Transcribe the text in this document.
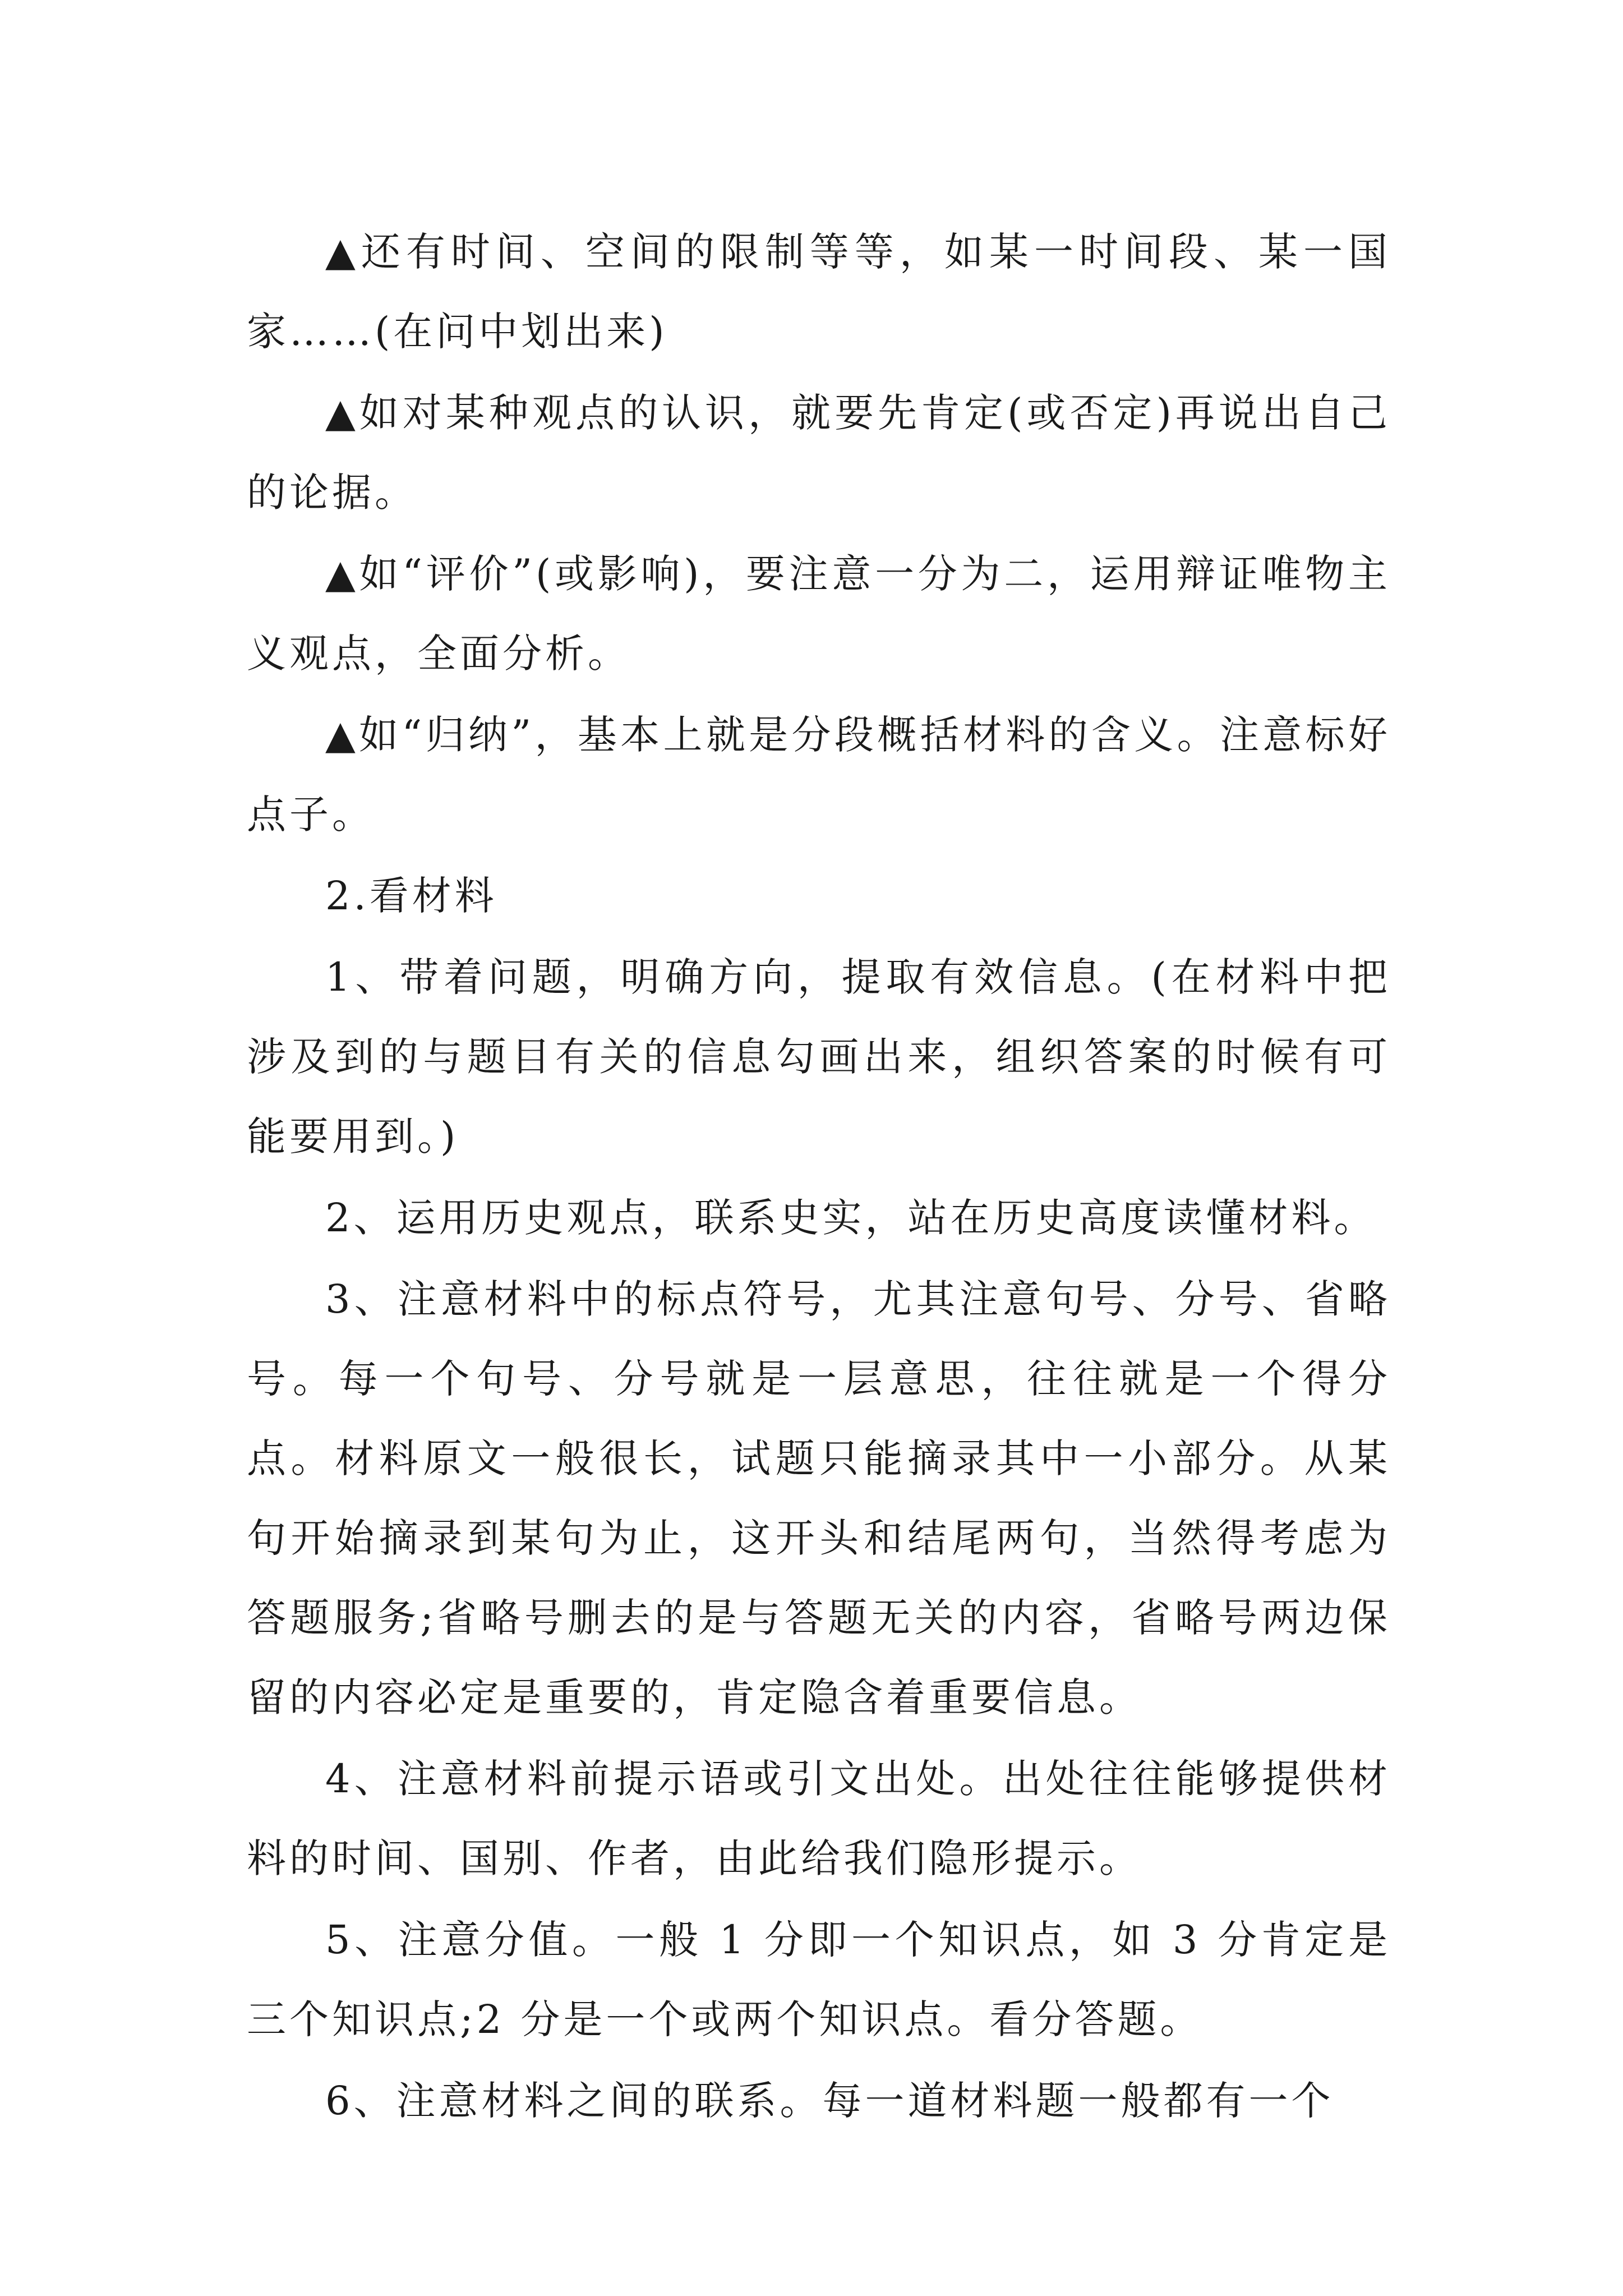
▲还有时间、空间的限制等等，如某一时间段、某一国家……(在问中划出来)

▲如对某种观点的认识，就要先肯定(或否定)再说出自己的论据。

▲如“评价”(或影响)，要注意一分为二，运用辩证唯物主义观点，全面分析。

▲如“归纳”，基本上就是分段概括材料的含义。注意标好点子。

2.看材料

1、带着问题，明确方向，提取有效信息。(在材料中把涉及到的与题目有关的信息勾画出来，组织答案的时候有可能要用到。)

2、运用历史观点，联系史实，站在历史高度读懂材料。

3、注意材料中的标点符号，尤其注意句号、分号、省略号。每一个句号、分号就是一层意思，往往就是一个得分点。材料原文一般很长，试题只能摘录其中一小部分。从某句开始摘录到某句为止，这开头和结尾两句，当然得考虑为答题服务;省略号删去的是与答题无关的内容，省略号两边保留的内容必定是重要的，肯定隐含着重要信息。

4、注意材料前提示语或引文出处。出处往往能够提供材料的时间、国别、作者，由此给我们隐形提示。

5、注意分值。一般 1 分即一个知识点，如 3 分肯定是三个知识点;2 分是一个或两个知识点。看分答题。

6、注意材料之间的联系。每一道材料题一般都有一个
